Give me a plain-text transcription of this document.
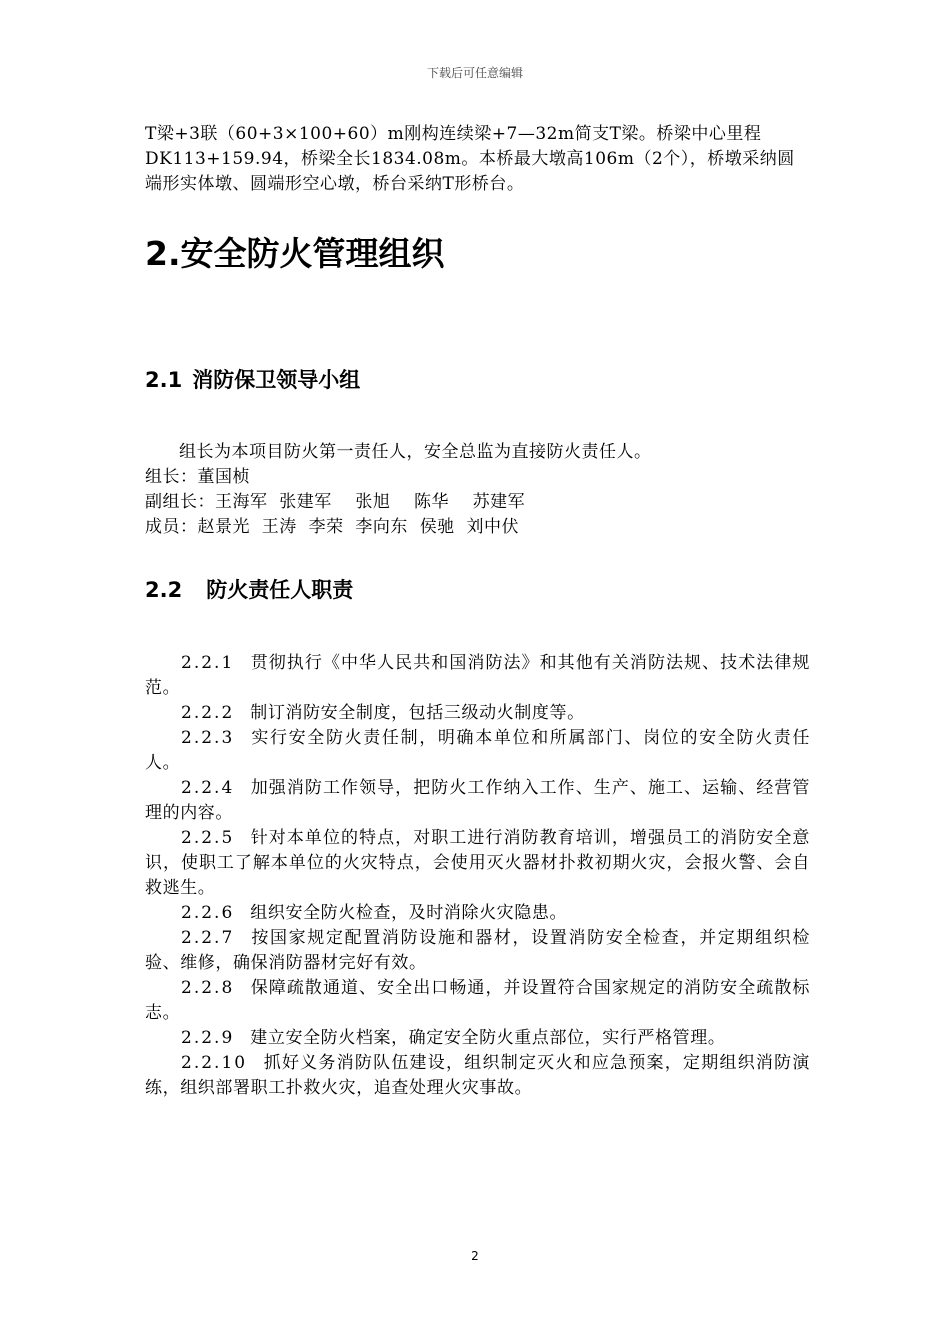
下载后可任意编辑

T梁+3联（60+3×100+60）m刚构连续梁+7—32m简支T梁。桥梁中心里程DK113+159.94，桥梁全长1834.08m。本桥最大墩高106m（2个），桥墩采纳圆端形实体墩、圆端形空心墩，桥台采纳T形桥台。

2.安全防火管理组织
2.1 消防保卫领导小组

组长为本项目防火第一责任人，安全总监为直接防火责任人。

组长：董国桢

副组长：王海军  张建军    张旭    陈华    苏建军

成员：赵景光  王涛  李荣  李向东  侯驰  刘中伏

2.2 防火责任人职责

2.2.1 贯彻执行《中华人民共和国消防法》和其他有关消防法规、技术法律规范。

2.2.2 制订消防安全制度，包括三级动火制度等。

2.2.3 实行安全防火责任制，明确本单位和所属部门、岗位的安全防火责任人。

2.2.4 加强消防工作领导，把防火工作纳入工作、生产、施工、运输、经营管理的内容。

2.2.5 针对本单位的特点，对职工进行消防教育培训，增强员工的消防安全意识，使职工了解本单位的火灾特点，会使用灭火器材扑救初期火灾，会报火警、会自救逃生。

2.2.6 组织安全防火检查，及时消除火灾隐患。

2.2.7 按国家规定配置消防设施和器材，设置消防安全检查，并定期组织检验、维修，确保消防器材完好有效。

2.2.8 保障疏散通道、安全出口畅通，并设置符合国家规定的消防安全疏散标志。

2.2.9 建立安全防火档案，确定安全防火重点部位，实行严格管理。

2.2.10 抓好义务消防队伍建设，组织制定灭火和应急预案，定期组织消防演练，组织部署职工扑救火灾，追查处理火灾事故。

2
